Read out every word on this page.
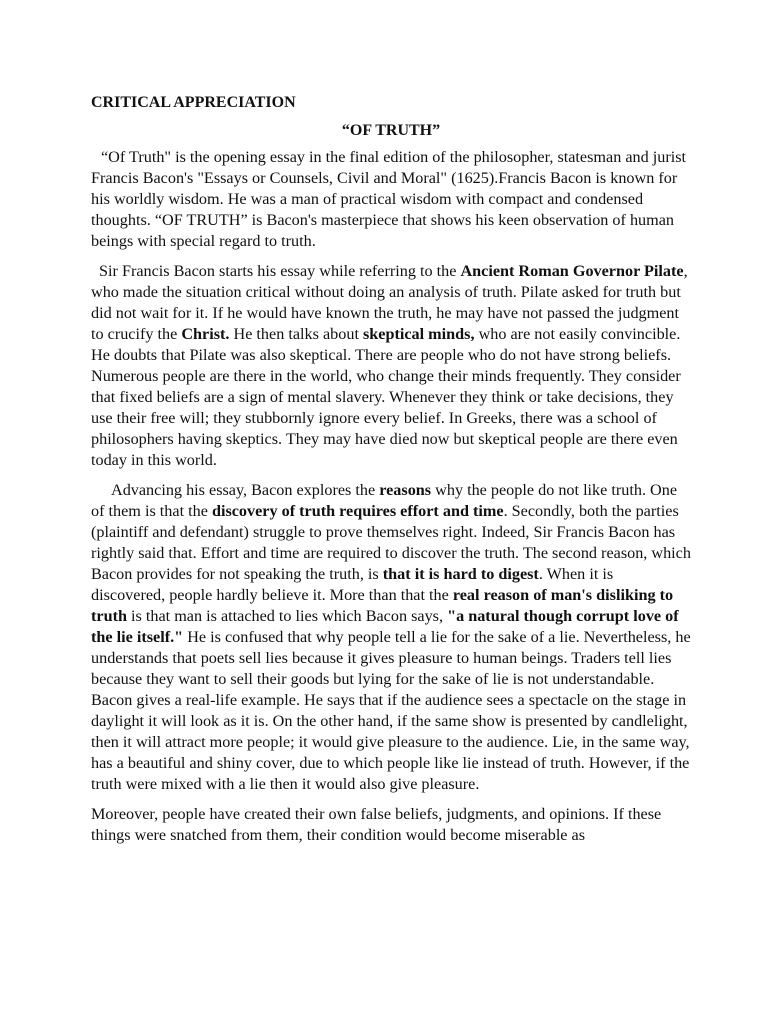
CRITICAL APPRECIATION
“OF TRUTH”

“Of Truth" is the opening essay in the final edition of the philosopher, statesman and jurist Francis Bacon's "Essays or Counsels, Civil and Moral" (1625).Francis Bacon is known for his worldly wisdom. He was a man of practical wisdom with compact and condensed thoughts. “OF TRUTH” is Bacon's masterpiece that shows his keen observation of human beings with special regard to truth.

Sir Francis Bacon starts his essay while referring to the Ancient Roman Governor Pilate, who made the situation critical without doing an analysis of truth. Pilate asked for truth but did not wait for it. If he would have known the truth, he may have not passed the judgment to crucify the Christ. He then talks about skeptical minds, who are not easily convincible. He doubts that Pilate was also skeptical. There are people who do not have strong beliefs. Numerous people are there in the world, who change their minds frequently. They consider that fixed beliefs are a sign of mental slavery. Whenever they think or take decisions, they use their free will; they stubbornly ignore every belief. In Greeks, there was a school of philosophers having skeptics. They may have died now but skeptical people are there even today in this world.

Advancing his essay, Bacon explores the reasons why the people do not like truth. One of them is that the discovery of truth requires effort and time. Secondly, both the parties (plaintiff and defendant) struggle to prove themselves right. Indeed, Sir Francis Bacon has rightly said that. Effort and time are required to discover the truth. The second reason, which Bacon provides for not speaking the truth, is that it is hard to digest. When it is discovered, people hardly believe it. More than that the real reason of man's disliking to truth is that man is attached to lies which Bacon says, "a natural though corrupt love of the lie itself." He is confused that why people tell a lie for the sake of a lie. Nevertheless, he understands that poets sell lies because it gives pleasure to human beings. Traders tell lies because they want to sell their goods but lying for the sake of lie is not understandable. Bacon gives a real-life example. He says that if the audience sees a spectacle on the stage in daylight it will look as it is. On the other hand, if the same show is presented by candlelight, then it will attract more people; it would give pleasure to the audience. Lie, in the same way, has a beautiful and shiny cover, due to which people like lie instead of truth. However, if the truth were mixed with a lie then it would also give pleasure.

Moreover, people have created their own false beliefs, judgments, and opinions. If these things were snatched from them, their condition would become miserable as
